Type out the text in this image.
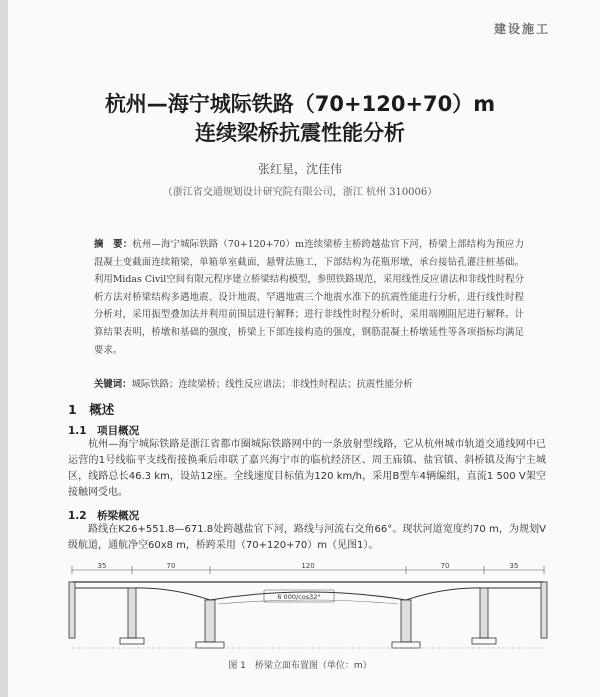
建设施工
杭州—海宁城际铁路（70+120+70）m
连续梁桥抗震性能分析
张红星，沈佳伟
（浙江省交通规划设计研究院有限公司，浙江 杭州 310006）
摘　要：杭州—海宁城际铁路（70+120+70）m连续梁桥主桥跨越盐官下河，桥梁上部结构为预应力混凝土变截面连续箱梁，单箱单室截面，悬臂法施工，下部结构为花瓶形墩，承台接钻孔灌注桩基础。利用Midas Civil空间有限元程序建立桥梁结构模型，参照铁路规范，采用线性反应谱法和非线性时程分析方法对桥梁结构多遇地震、设计地震、罕遇地震三个地震水准下的抗震性能进行分析，进行线性时程分析对，采用振型叠加法并利用前围层进行解释；进行非线性时程分析时，采用端刚阻尼进行解释。计算结果表明，桥墩和基础的强度，桥梁上下部连接构造的强度，钢筋混凝土桥墩延性等各项指标均满足要求。
关键词：城际铁路；连续梁桥；线性反应谱法；非线性时程法；抗震性能分析
1　 概述
1.1　 项目概况
杭州—海宁城际铁路是浙江省都市圈城际铁路网中的一条放射型线路，它从杭州城市轨道交通线网中已运营的1号线临平支线衔接换乘后串联了嘉兴海宁市的临杭经济区、周王庙镇、盐官镇、斜桥镇及海宁主城区，线路总长46.3 km，设站12座。全线速度目标值为120 km/h，采用B型车4辆编组，直流1 500 V架空接触网受电。
1.2　 桥梁概况
路线在K26+551.8—671.8处跨越盐官下河，路线与河流右交角66°。现状河道宽度约70 m，为规划V级航道，通航净空60x8 m，桥跨采用（70+120+70）m（见图1）。
35	70	120	70	35
6 000/cos32°
图 1　桥梁立面布置图（单位：m）
